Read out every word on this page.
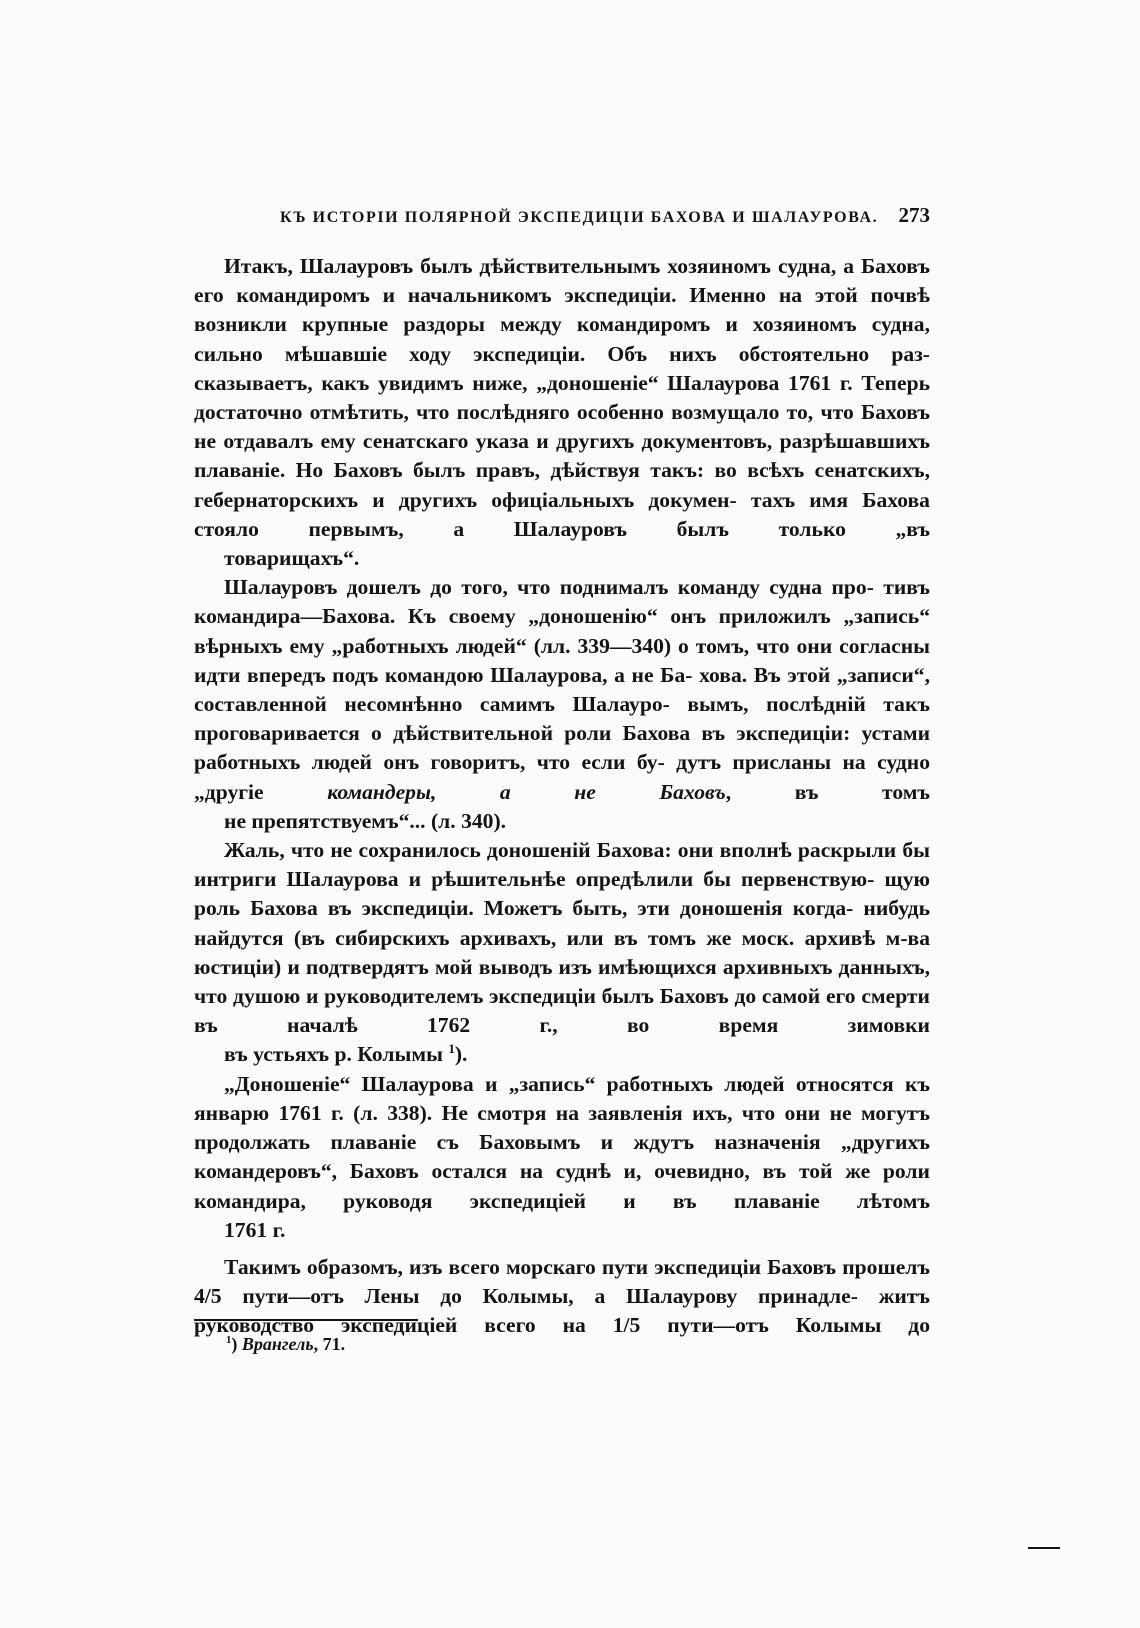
КЪ ИСТОРІИ ПОЛЯРНОЙ ЭКСПЕДИЦІИ БАХОВА И ШАЛАУРОВА. 273
Итакъ, Шалауровъ былъ дѣйствительнымъ хозяиномъ судна, а Баховъ его командиромъ и начальникомъ экспедиціи. Именно на этой почвѣ возникли крупные раздоры между командиромъ и хозяиномъ судна, сильно мѣшавшіе ходу экспедиціи. Объ нихъ обстоятельно раз- сказываетъ, какъ увидимъ ниже, „доношеніе“ Шалаурова 1761 г. Теперь достаточно отмѣтить, что послѣдняго особенно возмущало то, что Баховъ не отдавалъ ему сенатскаго указа и другихъ документовъ, разрѣшавшихъ плаваніе. Но Баховъ былъ правъ, дѣйствуя такъ: во всѣхъ сенатскихъ, гебернаторскихъ и другихъ офиціальныхъ докумен- тахъ имя Бахова стояло первымъ, а Шалауровъ былъ только „въ
товарищахъ“.
Шалауровъ дошелъ до того, что поднималъ команду судна про- тивъ командира—Бахова. Къ своему „доношенію“ онъ приложилъ „запись“ вѣрныхъ ему „работныхъ людей“ (лл. 339—340) о томъ, что они согласны идти впередъ подъ командою Шалаурова, а не Ба- хова. Въ этой „записи“, составленной несомнѣнно самимъ Шалауро- вымъ, послѣдній такъ проговаривается о дѣйствительной роли Бахова въ экспедиціи: устами работныхъ людей онъ говоритъ, что если бу- дутъ присланы на судно „другіе командеры, а не Баховъ, въ томъ
не препятствуемъ“... (л. 340).
Жаль, что не сохранилось доношеній Бахова: они вполнѣ раскрыли бы интриги Шалаурова и рѣшительнѣе опредѣлили бы первенствую- щую роль Бахова въ экспедиціи. Можетъ быть, эти доношенія когда- нибудь найдутся (въ сибирскихъ архивахъ, или въ томъ же моск. архивѣ м-ва юстиціи) и подтвердятъ мой выводъ изъ имѣющихся архивныхъ данныхъ, что душою и руководителемъ экспедиціи былъ Баховъ до самой его смерти въ началѣ 1762 г., во время зимовки
въ устьяхъ р. Колымы $^1$).
„Доношеніе“ Шалаурова и „запись“ работныхъ людей относятся къ январю 1761 г. (л. 338). Не смотря на заявленія ихъ, что они не могутъ продолжать плаваніе съ Баховымъ и ждутъ назначенія „другихъ командеровъ“, Баховъ остался на суднѣ и, очевидно, въ той же роли командира, руководя экспедиціей и въ плаваніе лѣтомъ
1761 г.
Такимъ образомъ, изъ всего морскаго пути экспедиціи Баховъ прошелъ 4/5 пути—отъ Лены до Колымы, а Шалаурову принадле- житъ руководство экспедиціей всего на 1/5 пути—отъ Колымы до
$^1$) Врангель, 71.
